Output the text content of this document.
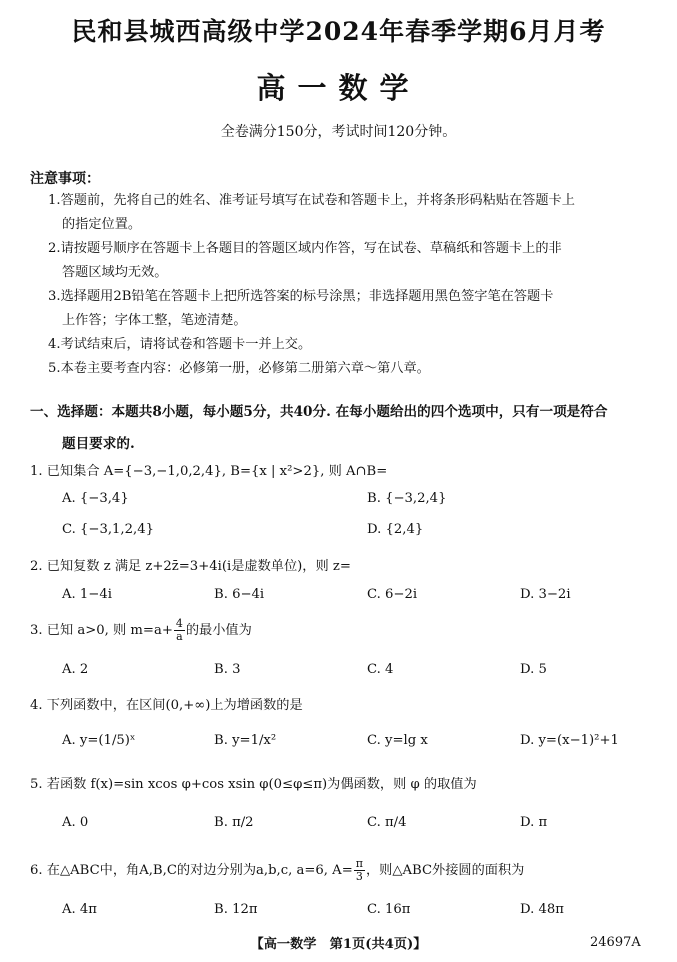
民和县城西高级中学2024年春季学期6月月考
高一数学
全卷满分150分，考试时间120分钟。
注意事项：
1.答题前，先将自己的姓名、准考证号填写在试卷和答题卡上，并将条形码粘贴在答题卡上
的指定位置。
2.请按题号顺序在答题卡上各题目的答题区域内作答，写在试卷、草稿纸和答题卡上的非
答题区域均无效。
3.选择题用2B铅笔在答题卡上把所选答案的标号涂黑；非选择题用黑色签字笔在答题卡
上作答；字体工整，笔迹清楚。
4.考试结束后，请将试卷和答题卡一并上交。
5.本卷主要考查内容：必修第一册，必修第二册第六章～第八章。
一、选择题：本题共8小题，每小题5分，共40分. 在每小题给出的四个选项中，只有一项是符合
题目要求的.
1. 已知集合 A={−3,−1,0,2,4}, B={x | x²>2}, 则 A∩B=
A. {−3,4}	B. {−3,2,4}
C. {−3,1,2,4}	D. {2,4}
2. 已知复数 z 满足 z+2z̄=3+4i(i是虚数单位)，则 z=
A. 1−4i	B. 6−4i	C. 6−2i	D. 3−2i
3. 已知 a>0, 则 $m=a+ \frac{4}{a}$ 的最小值为
A. 2	B. 3	C. 4	D. 5
4. 下列函数中，在区间(0,+∞)上为增函数的是
A. y=(1/5)ˣ	B. y=1/x²	C. y=lg x	D. y=(x−1)²+1
5. 若函数 f(x)=sin xcos φ+cos xsin φ(0≤φ≤π)为偶函数，则 φ 的取值为
A. 0	B. π/2	C. π/4	D. π
6. 在△ABC中，角A,B,C的对边分别为a,b,c, a=6, $A= \frac{\pi}{3}$ ，则△ABC外接圆的面积为
A. 4π	B. 12π	C. 16π	D. 48π
【高一数学　第1页(共4页)】	24697A
